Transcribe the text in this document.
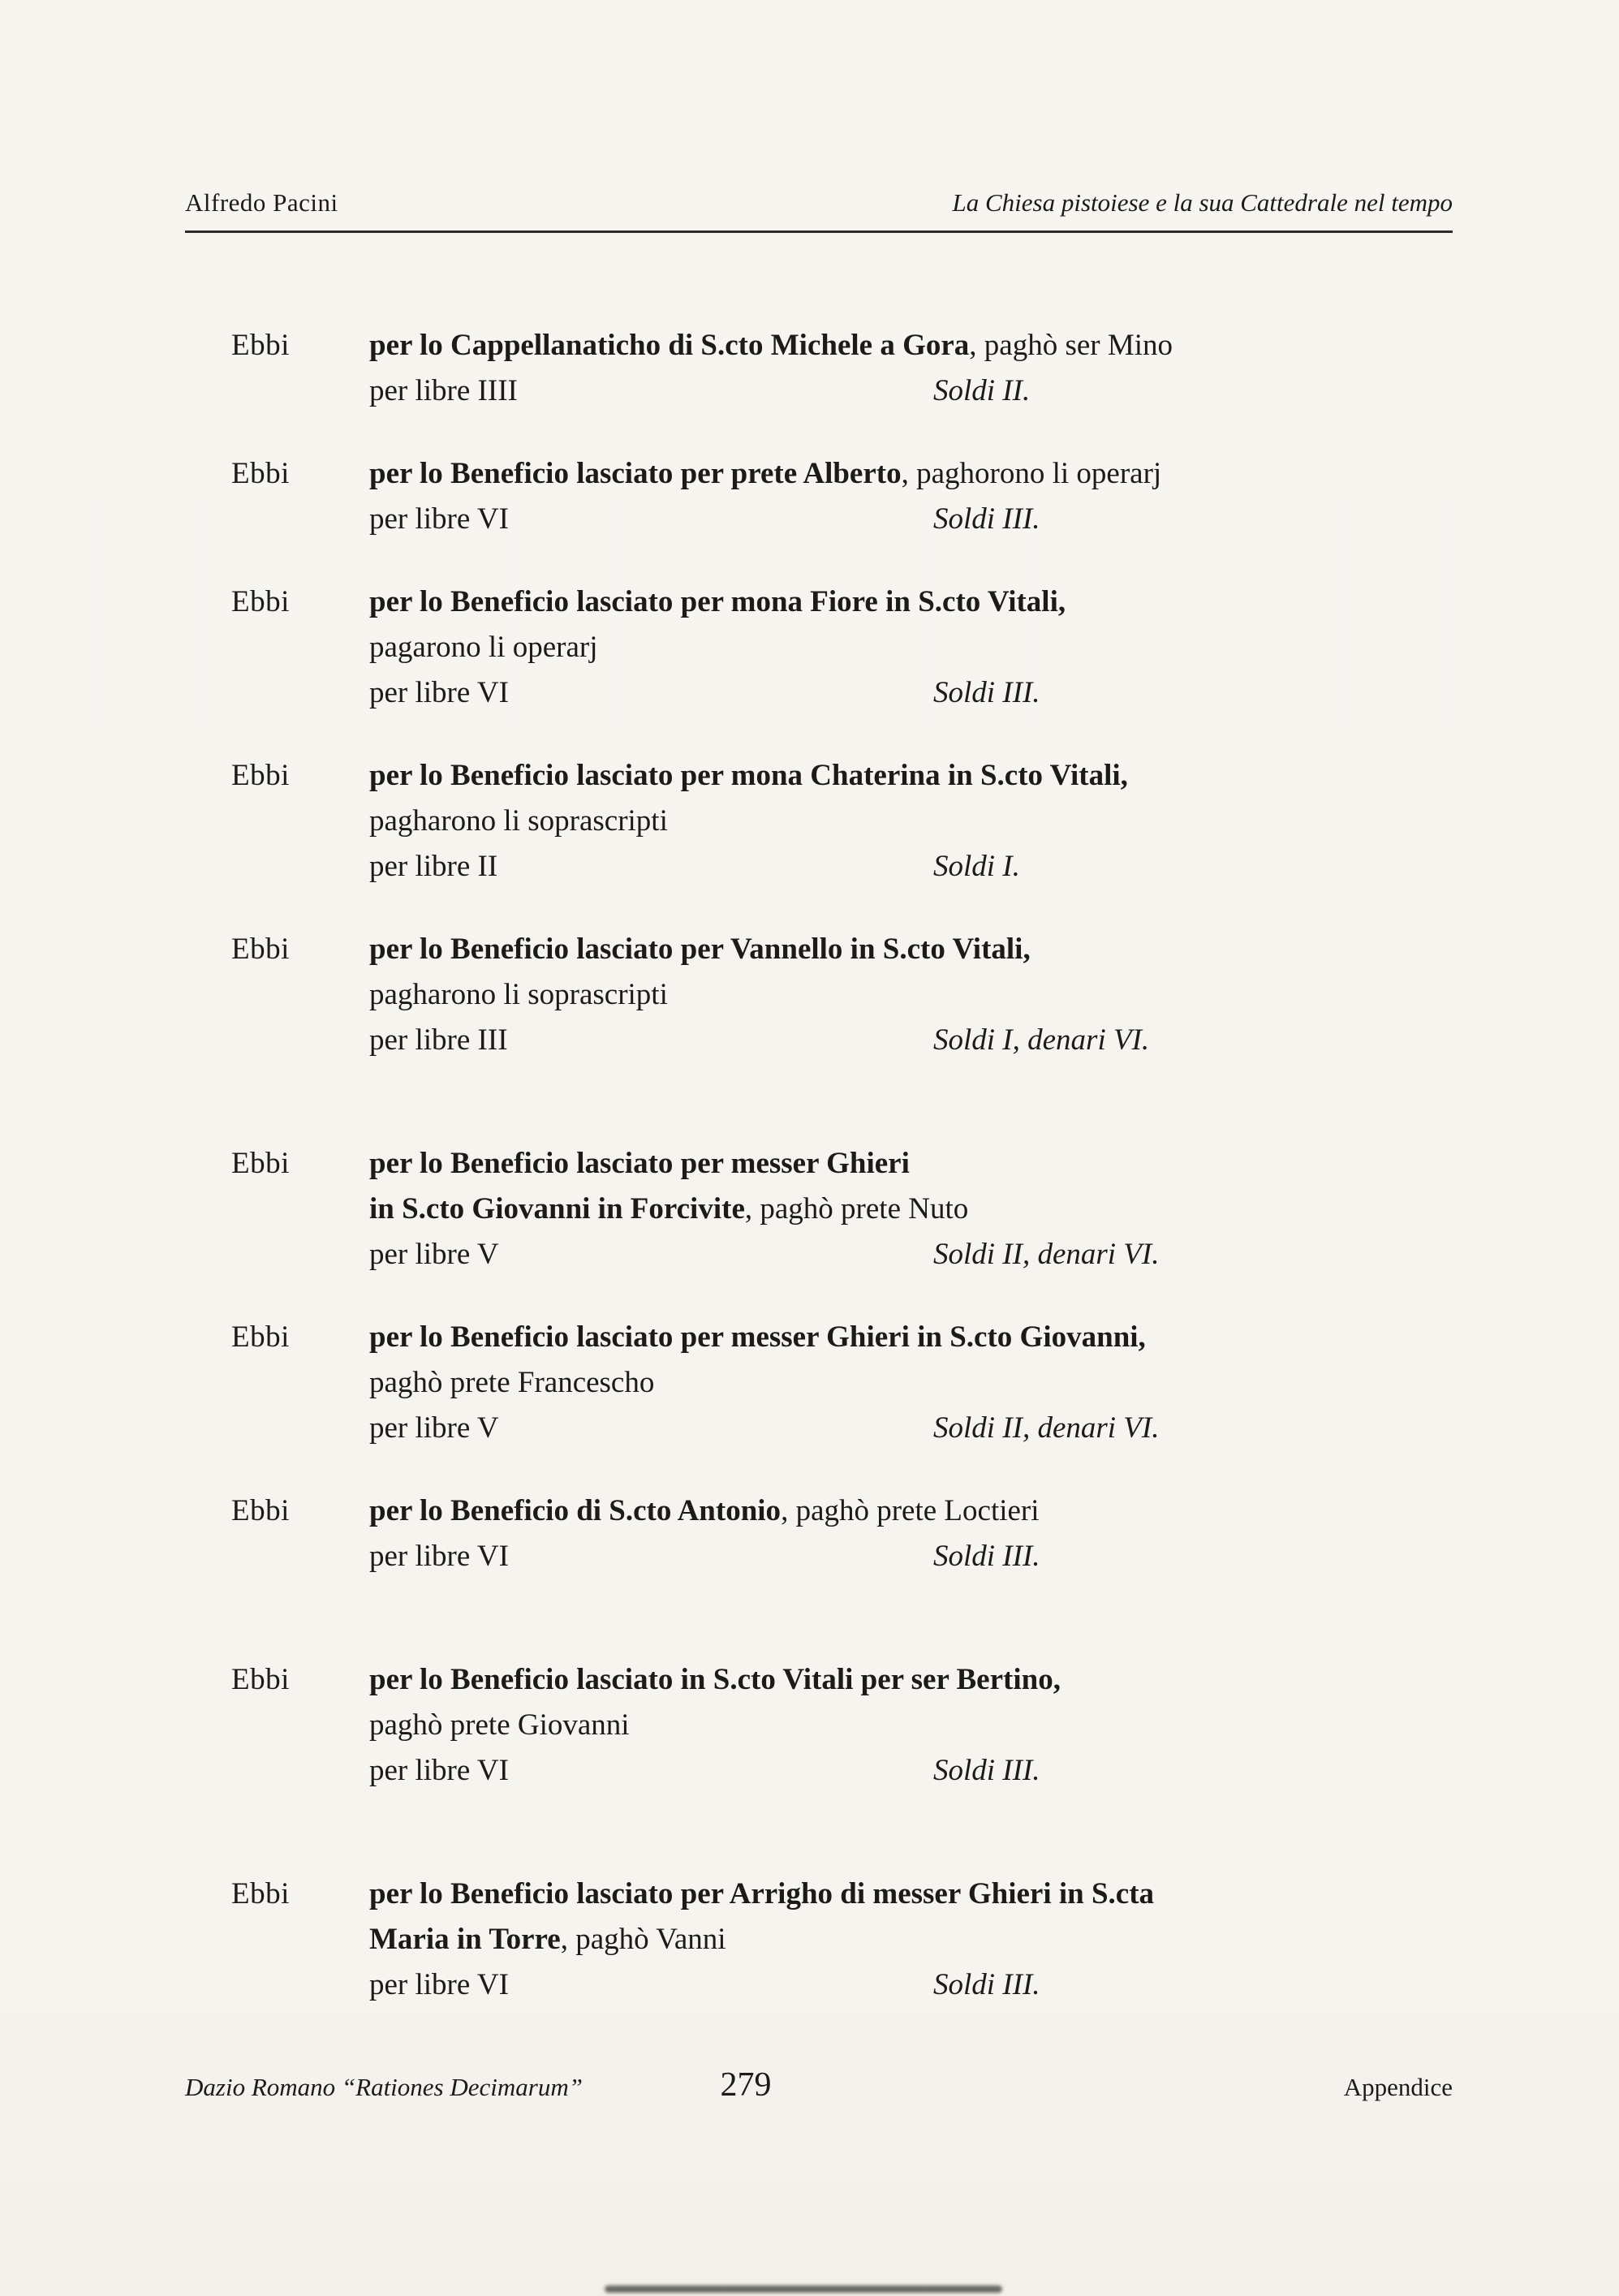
Alfredo Pacini	La Chiesa pistoiese e la sua Cattedrale nel tempo
Ebbi	per lo Cappellanaticho di S.cto Michele a Gora, paghò ser Mino
per libre IIII	Soldi II.
Ebbi	per lo Beneficio lasciato per prete Alberto, paghorono li operarj
per libre VI	Soldi III.
Ebbi	per lo Beneficio lasciato per mona Fiore in S.cto Vitali,
pagarono li operarj
per libre VI	Soldi III.
Ebbi	per lo Beneficio lasciato per mona Chaterina in S.cto Vitali,
pagharono li soprascripti
per libre II	Soldi I.
Ebbi	per lo Beneficio lasciato per Vannello in S.cto Vitali,
pagharono li soprascripti
per libre III	Soldi I, denari VI.
Ebbi	per lo Beneficio lasciato per messer Ghieri
in S.cto Giovanni in Forcivite, paghò prete Nuto
per libre V	Soldi II, denari VI.
Ebbi	per lo Beneficio lasciato per messer Ghieri in S.cto Giovanni,
paghò prete Francescho
per libre V	Soldi II, denari VI.
Ebbi	per lo Beneficio di S.cto Antonio, paghò prete Loctieri
per libre VI	Soldi III.
Ebbi	per lo Beneficio lasciato in S.cto Vitali per ser Bertino,
paghò prete Giovanni
per libre VI	Soldi III.
Ebbi	per lo Beneficio lasciato per Arrigho di messer Ghieri in S.cta
Maria in Torre, paghò Vanni
per libre VI	Soldi III.
Dazio Romano “Rationes Decimarum”	279	Appendice
